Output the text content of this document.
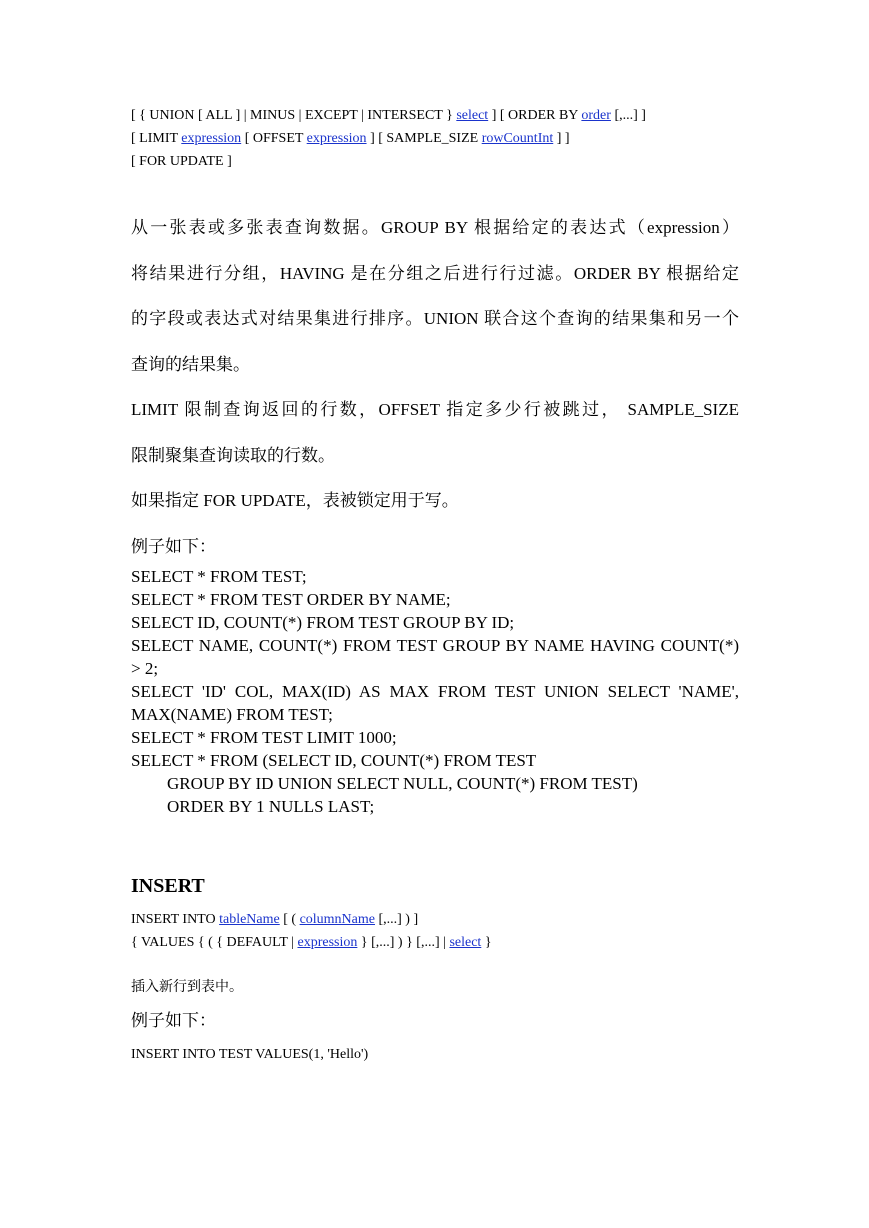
[ { UNION [ ALL ] | MINUS | EXCEPT | INTERSECT } select ] [ ORDER BY order [,...] ]
[ LIMIT expression [ OFFSET expression ] [ SAMPLE_SIZE rowCountInt ] ]
[ FOR UPDATE ]
从一张表或多张表查询数据。GROUP BY 根据给定的表达式（expression）
将结果进行分组，HAVING 是在分组之后进行行过滤。ORDER BY 根据给定
的字段或表达式对结果集进行排序。UNION 联合这个查询的结果集和另一个
查询的结果集。
LIMIT 限制查询返回的行数，OFFSET 指定多少行被跳过， SAMPLE_SIZE
限制聚集查询读取的行数。
如果指定 FOR UPDATE，表被锁定用于写。
例子如下：
SELECT * FROM TEST;
SELECT * FROM TEST ORDER BY NAME;
SELECT ID, COUNT(*) FROM TEST GROUP BY ID;
SELECT NAME, COUNT(*) FROM TEST GROUP BY NAME HAVING COUNT(*) > 2;
SELECT 'ID' COL, MAX(ID) AS MAX FROM TEST UNION SELECT 'NAME', MAX(NAME) FROM TEST;
SELECT * FROM TEST LIMIT 1000;
SELECT * FROM (SELECT ID, COUNT(*) FROM TEST
GROUP BY ID UNION SELECT NULL, COUNT(*) FROM TEST)
ORDER BY 1 NULLS LAST;
INSERT
INSERT INTO tableName [ ( columnName [,...] ) ]
{ VALUES { ( { DEFAULT | expression } [,...] ) } [,...] | select }
插入新行到表中。
例子如下：
INSERT INTO TEST VALUES(1, 'Hello')
